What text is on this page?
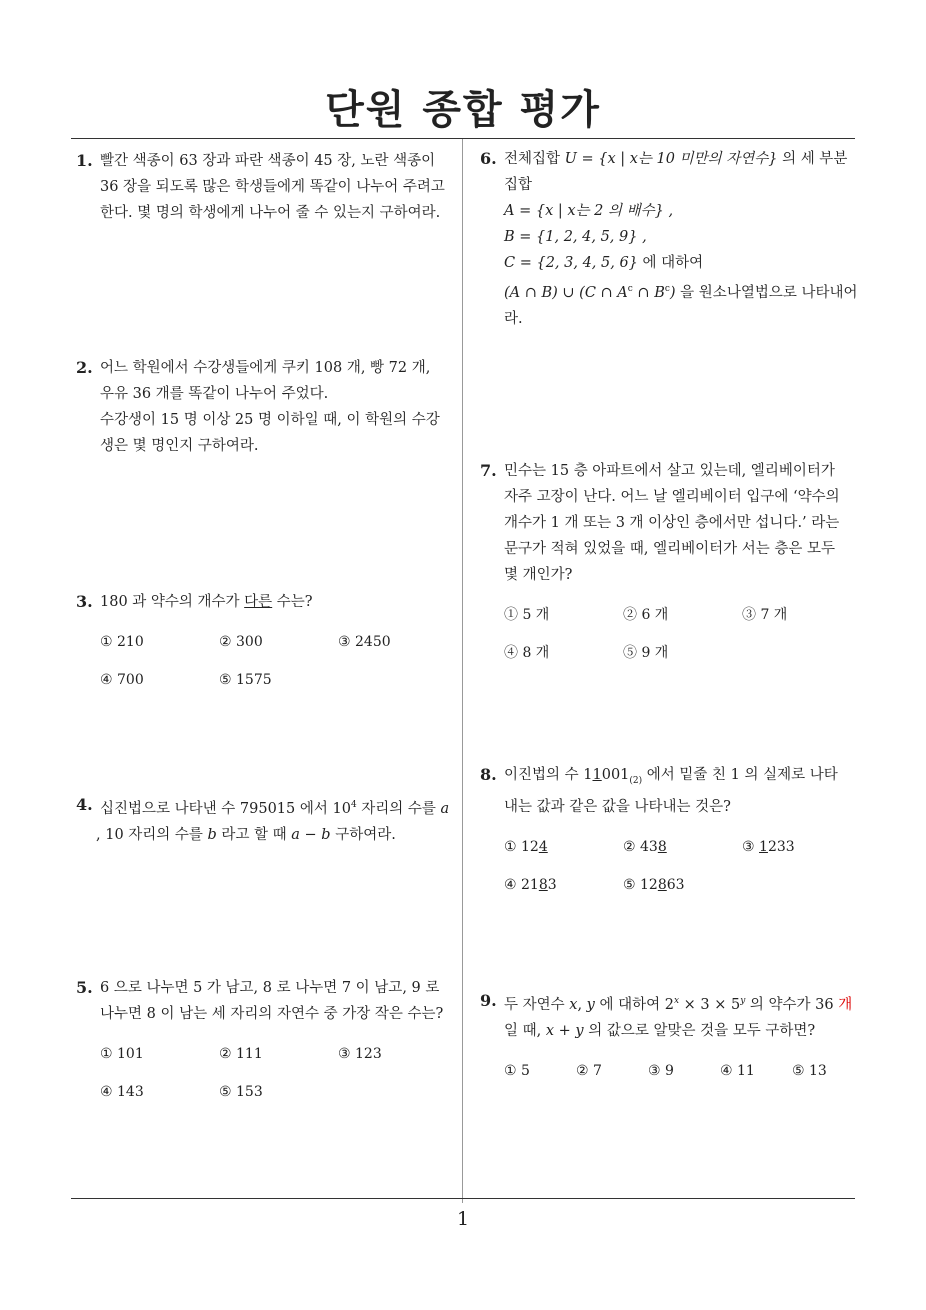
단원 종합 평가
1
1. 빨간 색종이 63 장과 파란 색종이 45 장, 노란 색종이

36 장을 되도록 많은 학생들에게 똑같이 나누어 주려고

한다. 몇 명의 학생에게 나누어 줄 수 있는지 구하여라.

2. 어느 학원에서 수강생들에게 쿠키 108 개, 빵 72 개,

우유 36 개를 똑같이 나누어 주었다.

수강생이 15 명 이상 25 명 이하일 때, 이 학원의 수강

생은 몇 명인지 구하여라.

3. 180 과 약수의 개수가 다른 수는?

① 210	② 300	③ 2450
④ 700	⑤ 1575
4. 십진법으로 나타낸 수 795015 에서 $10^4$ 자리의 수를 a

, 10 자리의 수를 b 라고 할 때 a − b 구하여라.

5. 6 으로 나누면 5 가 남고, 8 로 나누면 7 이 남고, 9 로

나누면 8 이 남는 세 자리의 자연수 중 가장 작은 수는?

① 101	② 111	③ 123
④ 143	⑤ 153
6. 전체집합 U = {x | x는 10 미만의 자연수} 의 세 부분

집합

A = {x | x는 2 의 배수} ,

B = {1, 2, 4, 5, 9} ,

C = {2, 3, 4, 5, 6} 에 대하여

(A ∩ B) ∪ (C ∩ $A^c$ ∩ $B^c$) 을 원소나열법으로 나타내어

라.

7. 민수는 15 층 아파트에서 살고 있는데, 엘리베이터가

자주 고장이 난다. 어느 날 엘리베이터 입구에 ‘약수의

개수가 1 개 또는 3 개 이상인 층에서만 섭니다.’ 라는

문구가 적혀 있었을 때, 엘리베이터가 서는 층은 모두

몇 개인가?

① 5 개	② 6 개	③ 7 개
④ 8 개	⑤ 9 개
8. 이진법의 수 $11001_{(2)}$ 에서 밑줄 친 1 의 실제로 나타

내는 값과 같은 값을 나타내는 것은?

① 124	② 438	③ 1233
④ 2183	⑤ 12863
9. 두 자연수 x, y 에 대하여 $2^x \times 3 \times 5^y$ 의 약수가 36 개

일 때, x + y 의 값으로 알맞은 것을 모두 구하면?

① 5	② 7	③ 9	④ 11	⑤ 13
